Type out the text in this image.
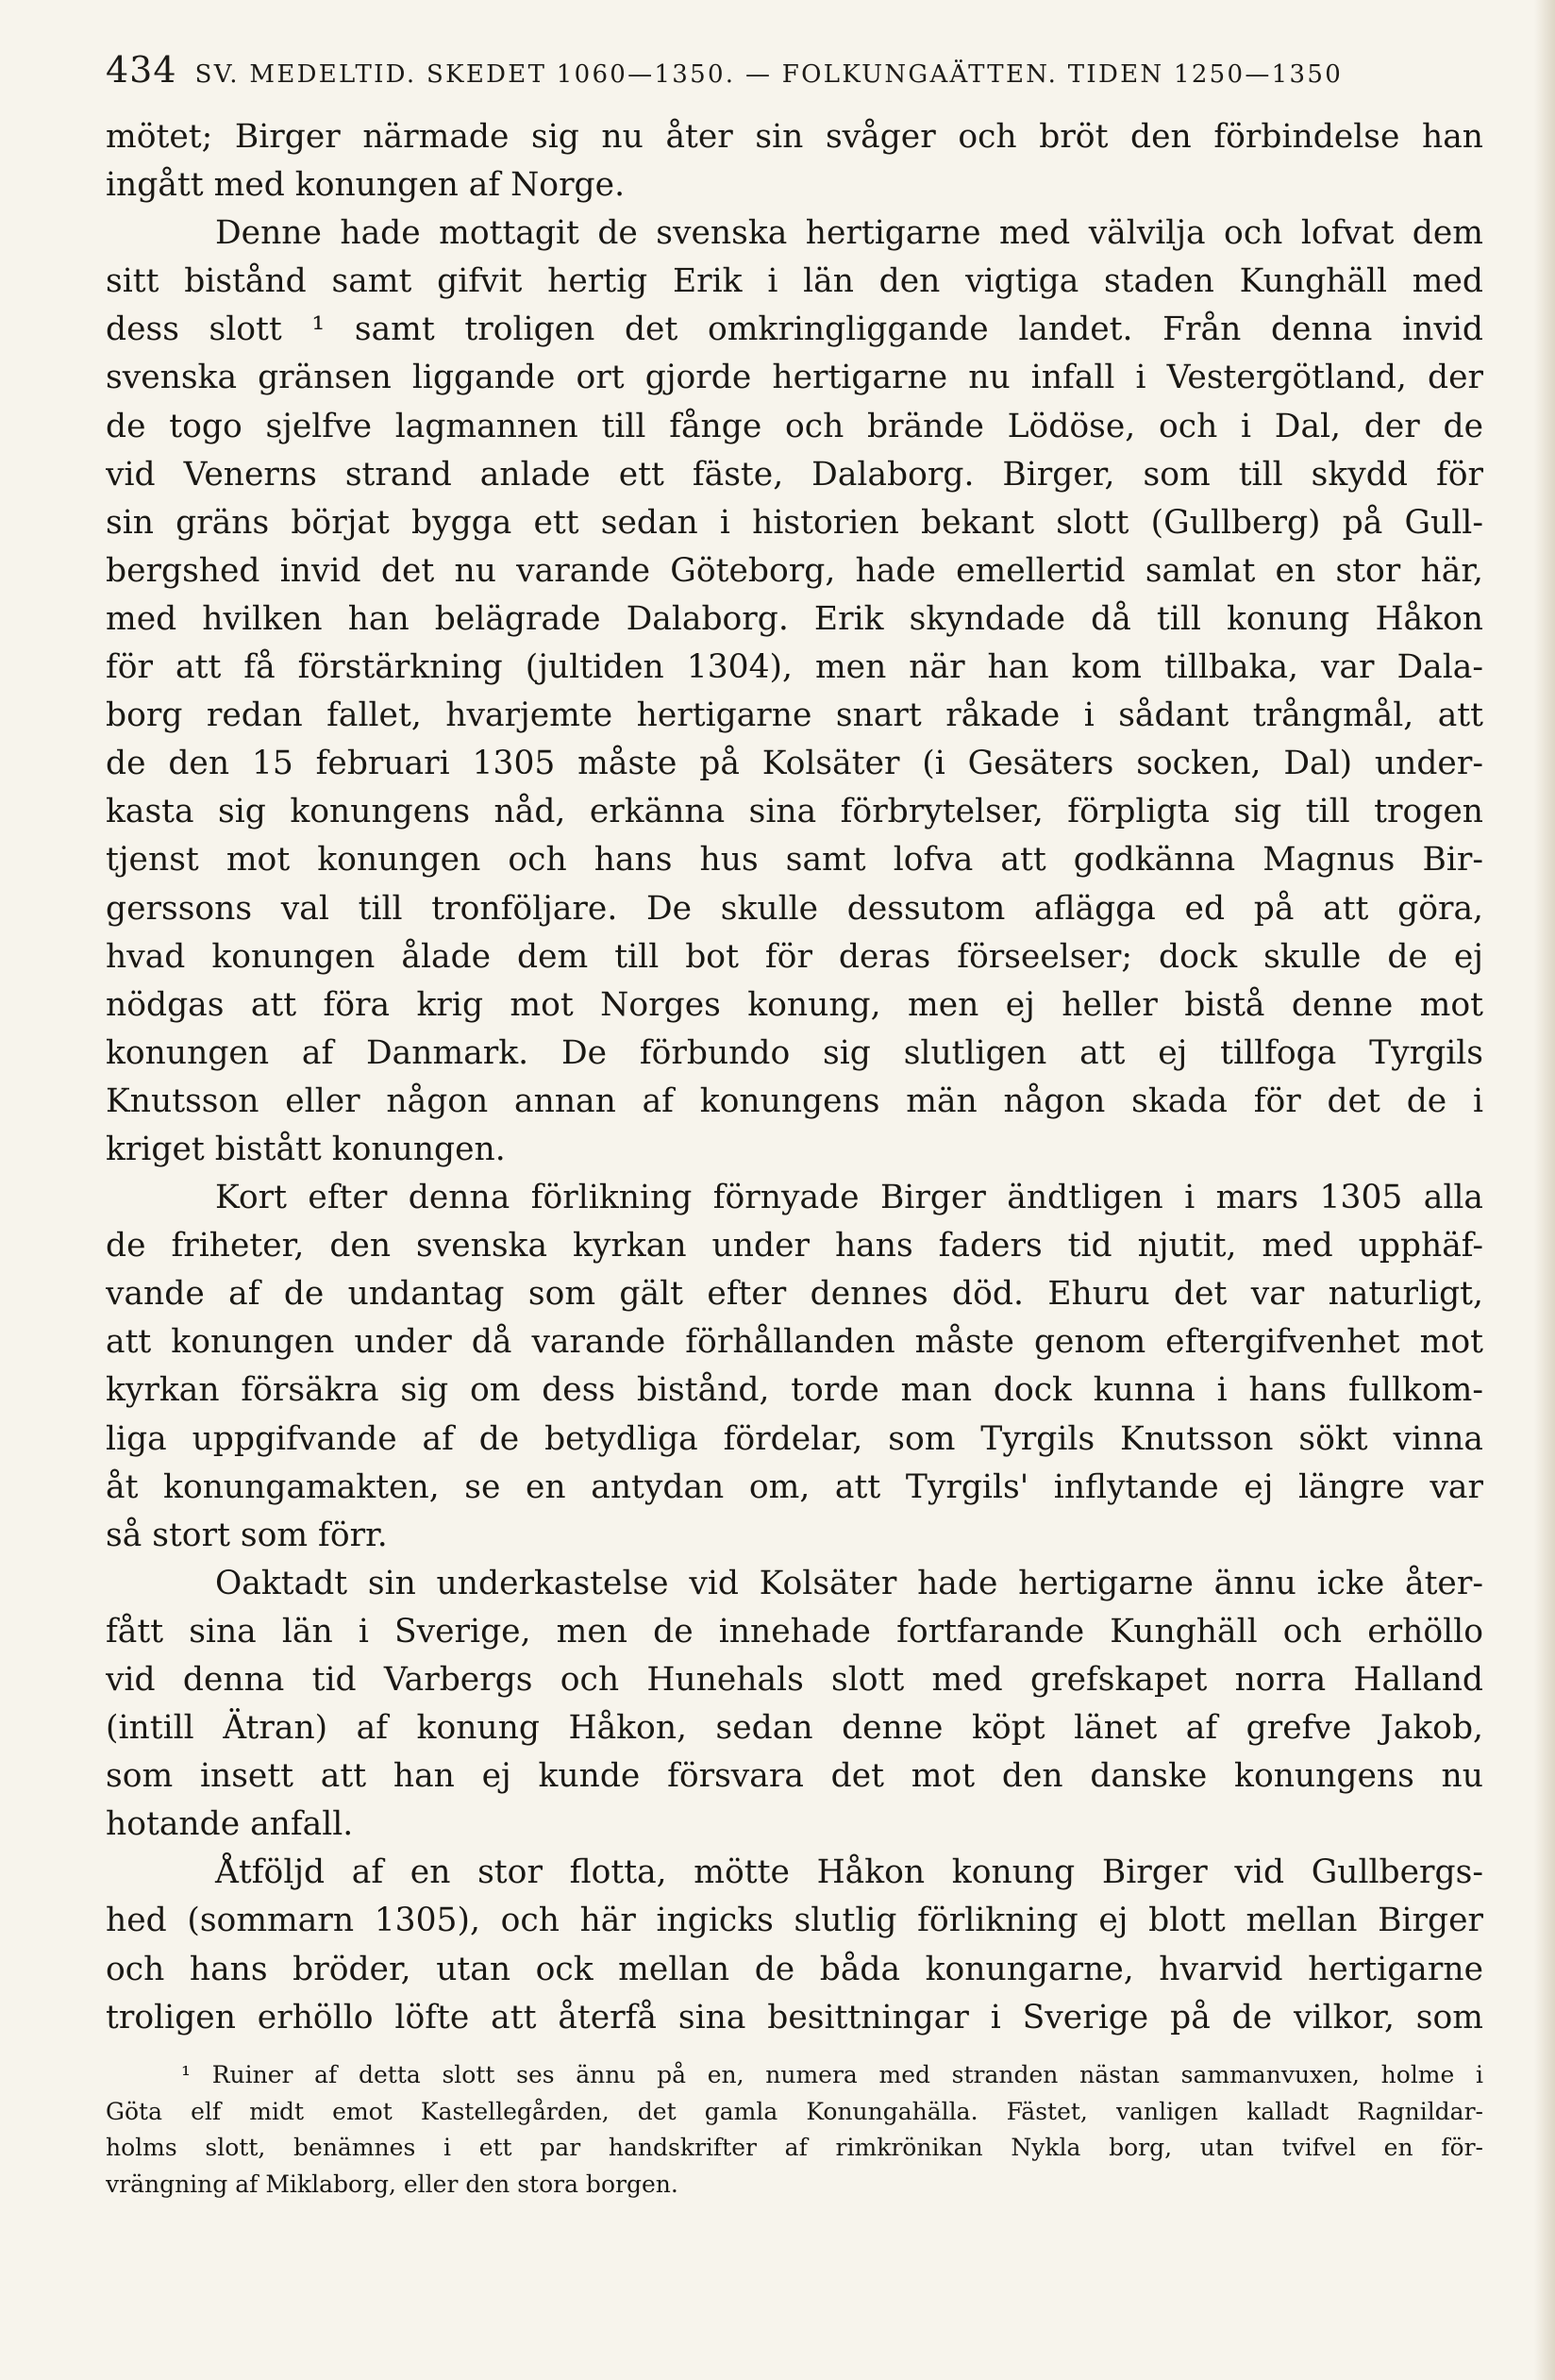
434 SV. MEDELTID. SKEDET 1060—1350. — FOLKUNGAÄTTEN. TIDEN 1250—1350
mötet; Birger närmade sig nu åter sin svåger och bröt den förbindelse han
ingått med konungen af Norge.
Denne hade mottagit de svenska hertigarne med välvilja och lofvat dem
sitt bistånd samt gifvit hertig Erik i län den vigtiga staden Kunghäll med
dess slott ¹ samt troligen det omkringliggande landet. Från denna invid
svenska gränsen liggande ort gjorde hertigarne nu infall i Vestergötland, der
de togo sjelfve lagmannen till fånge och brände Lödöse, och i Dal, der de
vid Venerns strand anlade ett fäste, Dalaborg. Birger, som till skydd för
sin gräns börjat bygga ett sedan i historien bekant slott (Gullberg) på Gull-
bergshed invid det nu varande Göteborg, hade emellertid samlat en stor här,
med hvilken han belägrade Dalaborg. Erik skyndade då till konung Håkon
för att få förstärkning (jultiden 1304), men när han kom tillbaka, var Dala-
borg redan fallet, hvarjemte hertigarne snart råkade i sådant trångmål, att
de den 15 februari 1305 måste på Kolsäter (i Gesäters socken, Dal) under-
kasta sig konungens nåd, erkänna sina förbrytelser, förpligta sig till trogen
tjenst mot konungen och hans hus samt lofva att godkänna Magnus Bir-
gerssons val till tronföljare. De skulle dessutom aflägga ed på att göra,
hvad konungen ålade dem till bot för deras förseelser; dock skulle de ej
nödgas att föra krig mot Norges konung, men ej heller bistå denne mot
konungen af Danmark. De förbundo sig slutligen att ej tillfoga Tyrgils
Knutsson eller någon annan af konungens män någon skada för det de i
kriget bistått konungen.
Kort efter denna förlikning förnyade Birger ändtligen i mars 1305 alla
de friheter, den svenska kyrkan under hans faders tid njutit, med upphäf-
vande af de undantag som gält efter dennes död. Ehuru det var naturligt,
att konungen under då varande förhållanden måste genom eftergifvenhet mot
kyrkan försäkra sig om dess bistånd, torde man dock kunna i hans fullkom-
liga uppgifvande af de betydliga fördelar, som Tyrgils Knutsson sökt vinna
åt konungamakten, se en antydan om, att Tyrgils' inflytande ej längre var
så stort som förr.
Oaktadt sin underkastelse vid Kolsäter hade hertigarne ännu icke åter-
fått sina län i Sverige, men de innehade fortfarande Kunghäll och erhöllo
vid denna tid Varbergs och Hunehals slott med grefskapet norra Halland
(intill Ätran) af konung Håkon, sedan denne köpt länet af grefve Jakob,
som insett att han ej kunde försvara det mot den danske konungens nu
hotande anfall.
Åtföljd af en stor flotta, mötte Håkon konung Birger vid Gullbergs-
hed (sommarn 1305), och här ingicks slutlig förlikning ej blott mellan Birger
och hans bröder, utan ock mellan de båda konungarne, hvarvid hertigarne
troligen erhöllo löfte att återfå sina besittningar i Sverige på de vilkor, som
¹ Ruiner af detta slott ses ännu på en, numera med stranden nästan sammanvuxen, holme i
Göta elf midt emot Kastellegården, det gamla Konungahälla. Fästet, vanligen kalladt Ragnildar-
holms slott, benämnes i ett par handskrifter af rimkrönikan Nykla borg, utan tvifvel en för-
vrängning af Miklaborg, eller den stora borgen.
